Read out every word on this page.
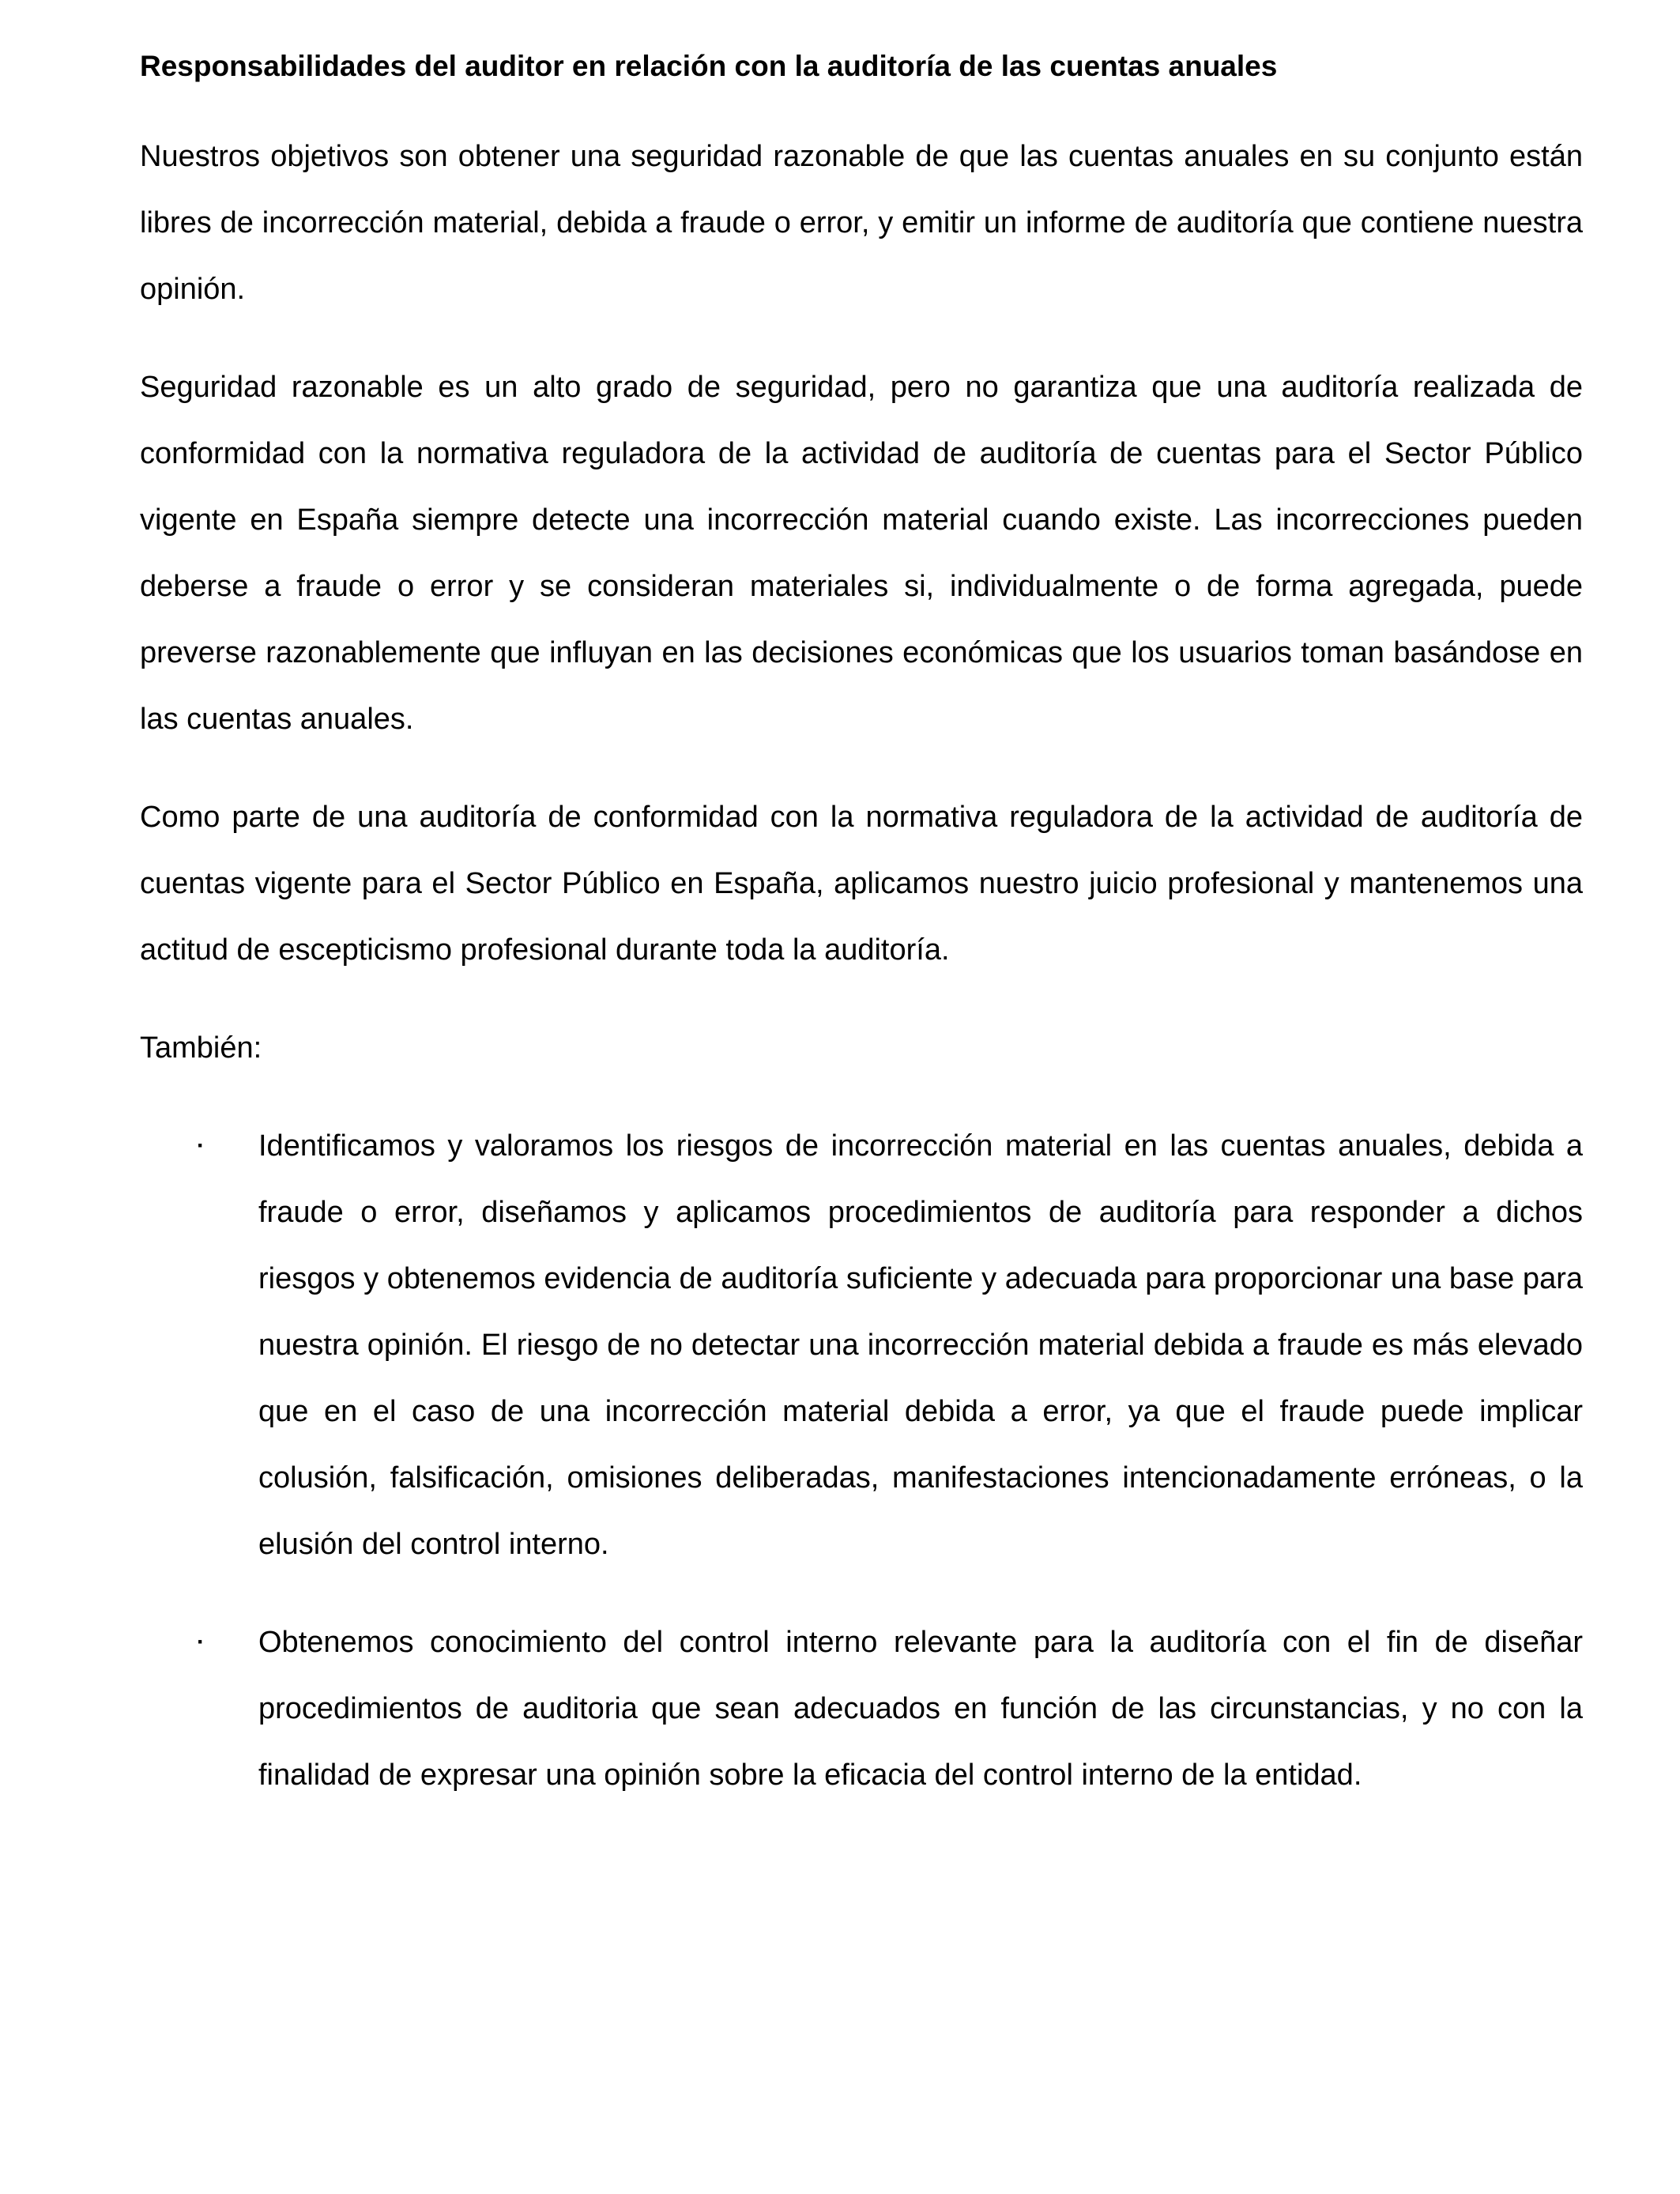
Responsabilidades del auditor en relación con la auditoría de las cuentas anuales

Nuestros objetivos son obtener una seguridad razonable de que las cuentas anuales en su conjunto están libres de incorrección material, debida a fraude o error, y emitir un informe de auditoría que contiene nuestra opinión.

Seguridad razonable es un alto grado de seguridad, pero no garantiza que una auditoría realizada de conformidad con la normativa reguladora de la actividad de auditoría de cuentas para el Sector Público vigente en España siempre detecte una incorrección material cuando existe. Las incorrecciones pueden deberse a fraude o error y se consideran materiales si, individualmente o de forma agregada, puede preverse razonablemente que influyan en las decisiones económicas que los usuarios toman basándose en las cuentas anuales.

Como parte de una auditoría de conformidad con la normativa reguladora de la actividad de auditoría de cuentas vigente para el Sector Público en España, aplicamos nuestro juicio profesional y mantenemos una actitud de escepticismo profesional durante toda la auditoría.

También:
· Identificamos y valoramos los riesgos de incorrección material en las cuentas anuales, debida a fraude o error, diseñamos y aplicamos procedimientos de auditoría para responder a dichos riesgos y obtenemos evidencia de auditoría suficiente y adecuada para proporcionar una base para nuestra opinión. El riesgo de no detectar una incorrección material debida a fraude es más elevado que en el caso de una incorrección material debida a error, ya que el fraude puede implicar colusión, falsificación, omisiones deliberadas, manifestaciones intencionadamente erróneas, o la elusión del control interno.
· Obtenemos conocimiento del control interno relevante para la auditoría con el fin de diseñar procedimientos de auditoria que sean adecuados en función de las circunstancias, y no con la finalidad de expresar una opinión sobre la eficacia del control interno de la entidad.
